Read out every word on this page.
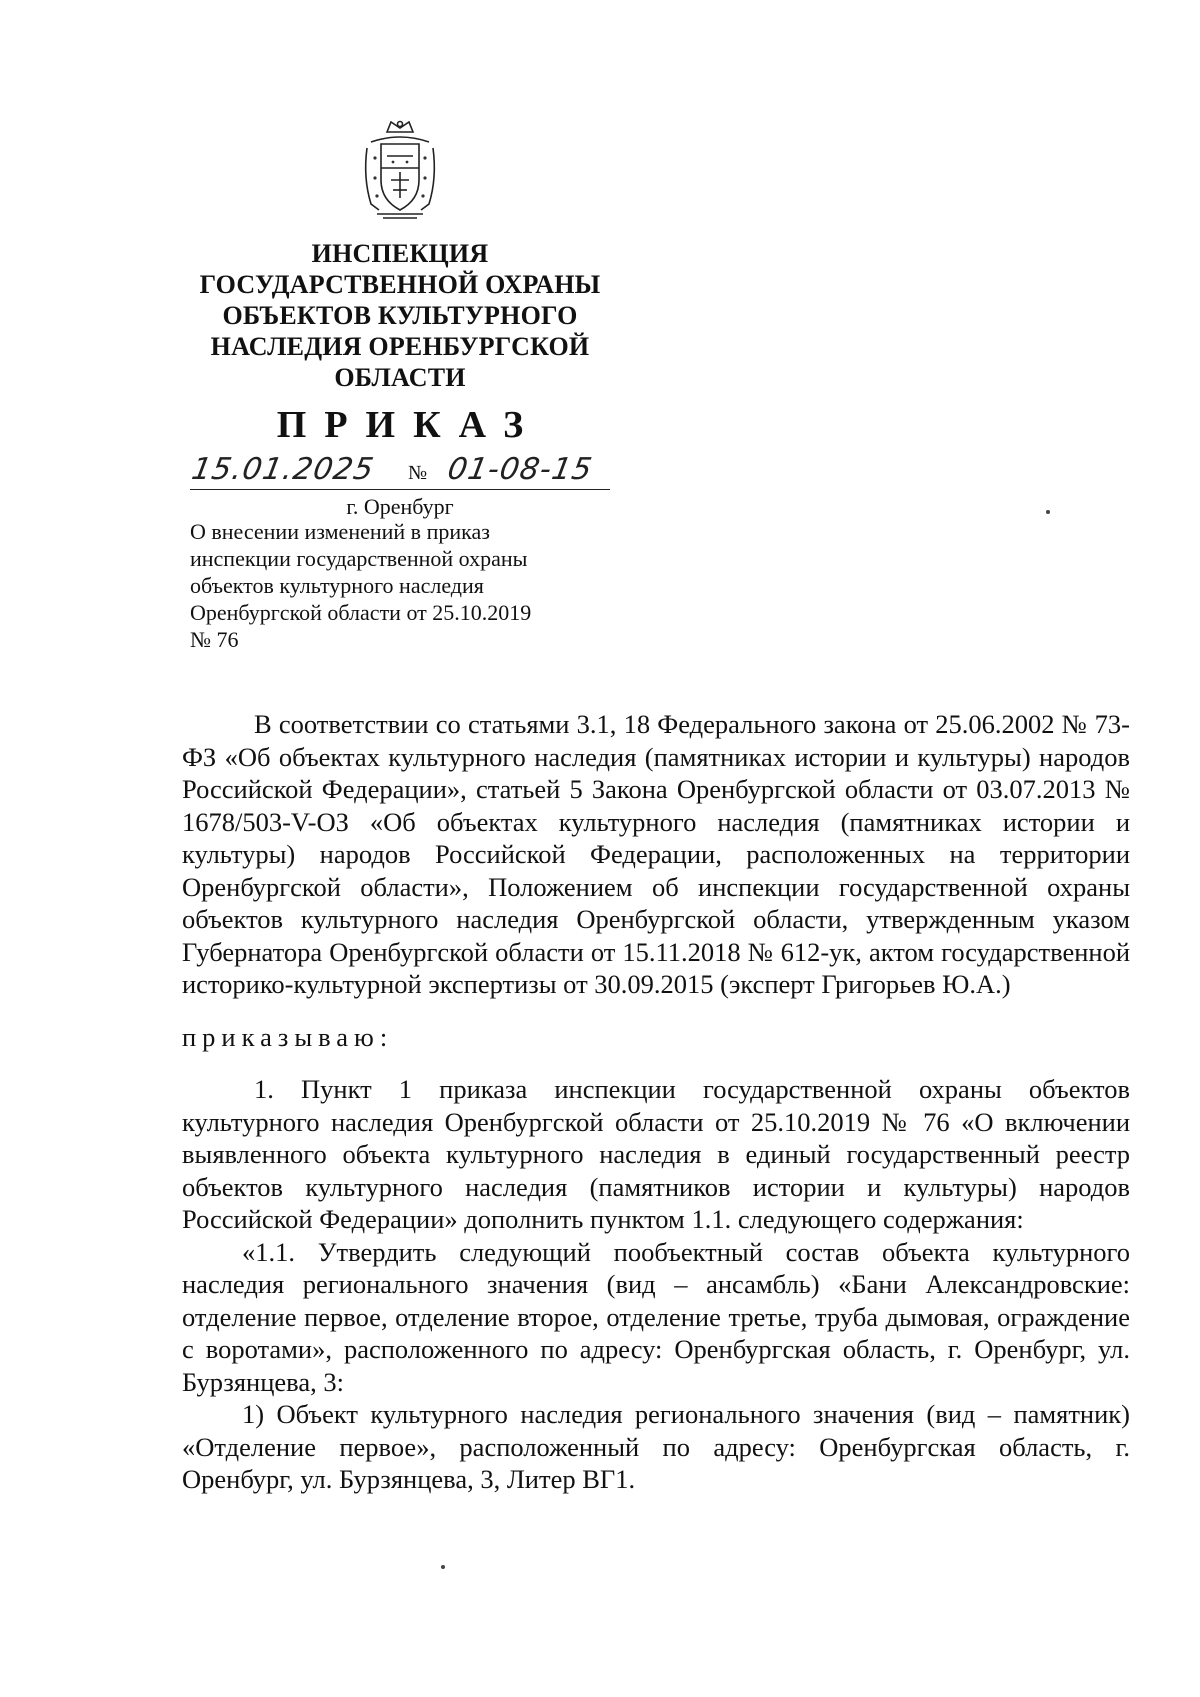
ИНСПЕКЦИЯ
ГОСУДАРСТВЕННОЙ ОХРАНЫ
ОБЪЕКТОВ КУЛЬТУРНОГО
НАСЛЕДИЯ ОРЕНБУРГСКОЙ
ОБЛАСТИ
ПРИКАЗ
15.01.2025 № 01-08-15
г. Оренбург
О внесении изменений в приказ
инспекции государственной охраны
объектов культурного наследия
Оренбургской области от 25.10.2019
№ 76

В соответствии со статьями 3.1, 18 Федерального закона от 25.06.2002 № 73-ФЗ «Об объектах культурного наследия (памятниках истории и культуры) народов Российской Федерации», статьей 5 Закона Оренбургской области от 03.07.2013 № 1678/503-V-ОЗ «Об объектах культурного наследия (памятниках истории и культуры) народов Российской Федерации, расположенных на территории Оренбургской области», Положением об инспекции государственной охраны объектов культурного наследия Оренбургской области, утвержденным указом Губернатора Оренбургской области от 15.11.2018 № 612-ук, актом государственной историко-культурной экспертизы от 30.09.2015 (эксперт Григорьев Ю.А.)

приказываю:

1. Пункт 1 приказа инспекции государственной охраны объектов культурного наследия Оренбургской области от 25.10.2019 № 76 «О включении выявленного объекта культурного наследия в единый государственный реестр объектов культурного наследия (памятников истории и культуры) народов Российской Федерации» дополнить пунктом 1.1. следующего содержания:

«1.1. Утвердить следующий пообъектный состав объекта культурного наследия регионального значения (вид – ансамбль) «Бани Александровские: отделение первое, отделение второе, отделение третье, труба дымовая, ограждение с воротами», расположенного по адресу: Оренбургская область, г. Оренбург, ул. Бурзянцева, 3:

1) Объект культурного наследия регионального значения (вид – памятник) «Отделение первое», расположенный по адресу: Оренбургская область, г. Оренбург, ул. Бурзянцева, 3, Литер ВГ1.
